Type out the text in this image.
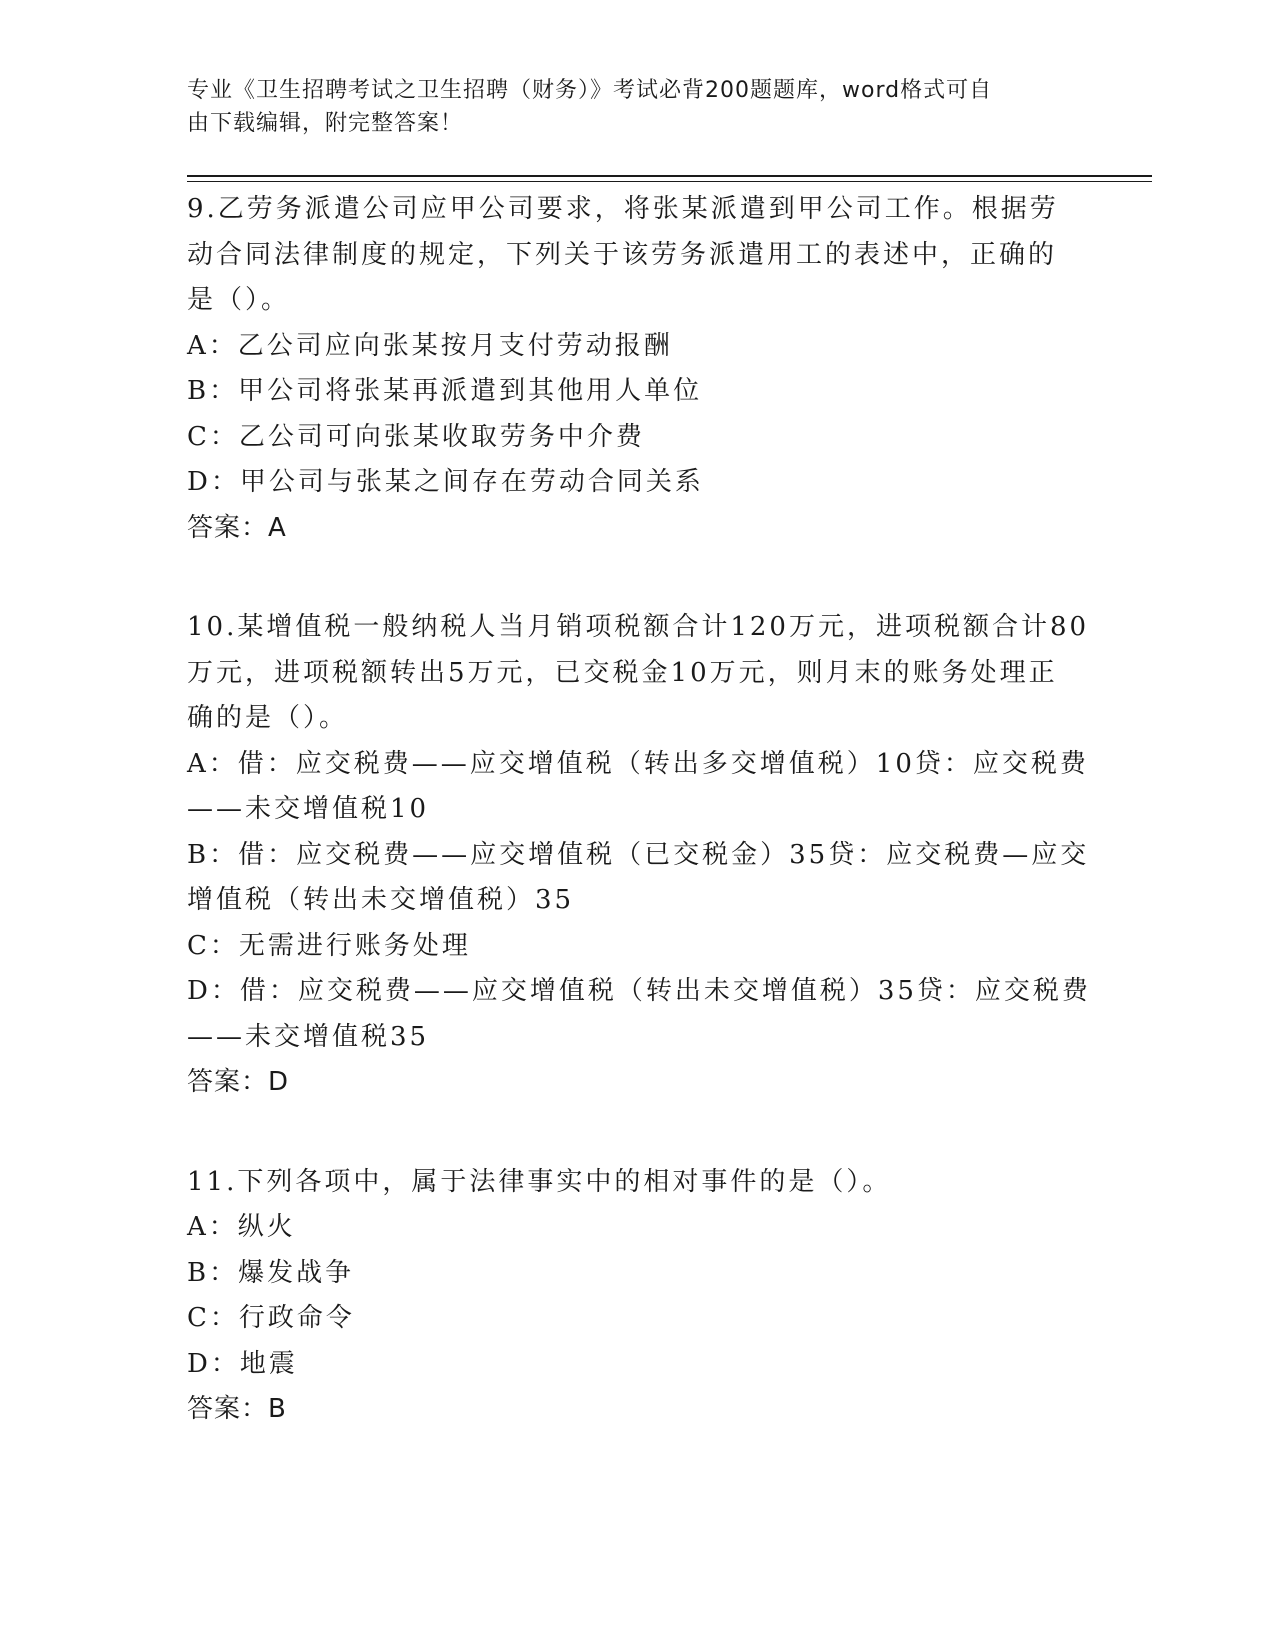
专业《卫生招聘考试之卫生招聘（财务）》考试必背200题题库，word格式可自
由下载编辑，附完整答案！
9.乙劳务派遣公司应甲公司要求，将张某派遣到甲公司工作。根据劳
动合同法律制度的规定，下列关于该劳务派遣用工的表述中，正确的
是（）。
A：乙公司应向张某按月支付劳动报酬
B：甲公司将张某再派遣到其他用人单位
C：乙公司可向张某收取劳务中介费
D：甲公司与张某之间存在劳动合同关系
答案：A
10.某增值税一般纳税人当月销项税额合计120万元，进项税额合计80
万元，进项税额转出5万元，已交税金10万元，则月末的账务处理正
确的是（）。
A：借：应交税费——应交增值税（转出多交增值税）10贷：应交税费
——未交增值税10
B：借：应交税费——应交增值税（已交税金）35贷：应交税费—应交
增值税（转出未交增值税）35
C：无需进行账务处理
D：借：应交税费——应交增值税（转出未交增值税）35贷：应交税费
——未交增值税35
答案：D
11.下列各项中，属于法律事实中的相对事件的是（）。
A：纵火
B：爆发战争
C：行政命令
D：地震
答案：B
